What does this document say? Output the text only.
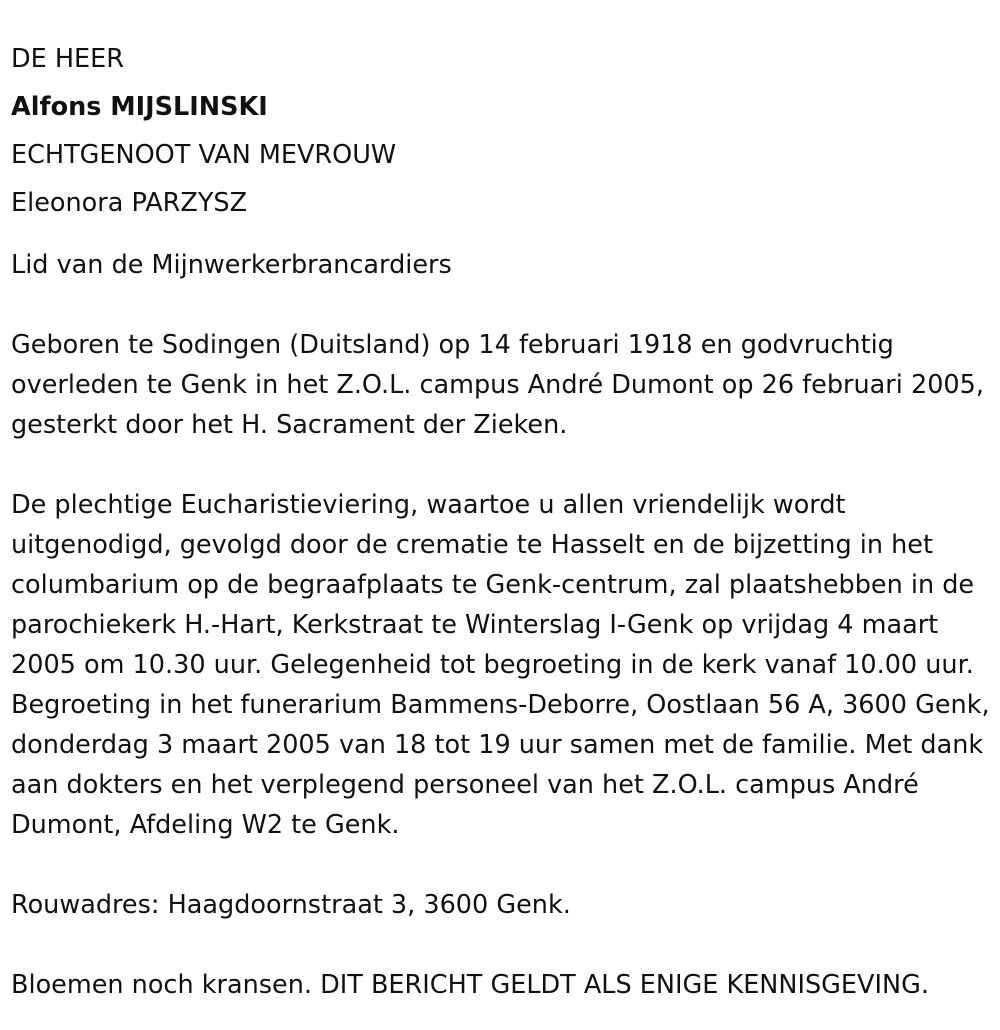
DE HEER

Alfons MIJSLINSKI

ECHTGENOOT VAN MEVROUW

Eleonora PARZYSZ

Lid van de Mijnwerkerbrancardiers

Geboren te Sodingen (Duitsland) op 14 februari 1918 en godvruchtig overleden te Genk in het Z.O.L. campus André Dumont op 26 februari 2005, gesterkt door het H. Sacrament der Zieken.

De plechtige Eucharistieviering, waartoe u allen vriendelijk wordt uitgenodigd, gevolgd door de crematie te Hasselt en de bijzetting in het columbarium op de begraafplaats te Genk-centrum, zal plaatshebben in de parochiekerk H.-Hart, Kerkstraat te Winterslag I-Genk op vrijdag 4 maart 2005 om 10.30 uur. Gelegenheid tot begroeting in de kerk vanaf 10.00 uur. Begroeting in het funerarium Bammens-Deborre, Oostlaan 56 A, 3600 Genk, donderdag 3 maart 2005 van 18 tot 19 uur samen met de familie. Met dank aan dokters en het verplegend personeel van het Z.O.L. campus André Dumont, Afdeling W2 te Genk.

Rouwadres: Haagdoornstraat 3, 3600 Genk.

Bloemen noch kransen. DIT BERICHT GELDT ALS ENIGE KENNISGEVING.
